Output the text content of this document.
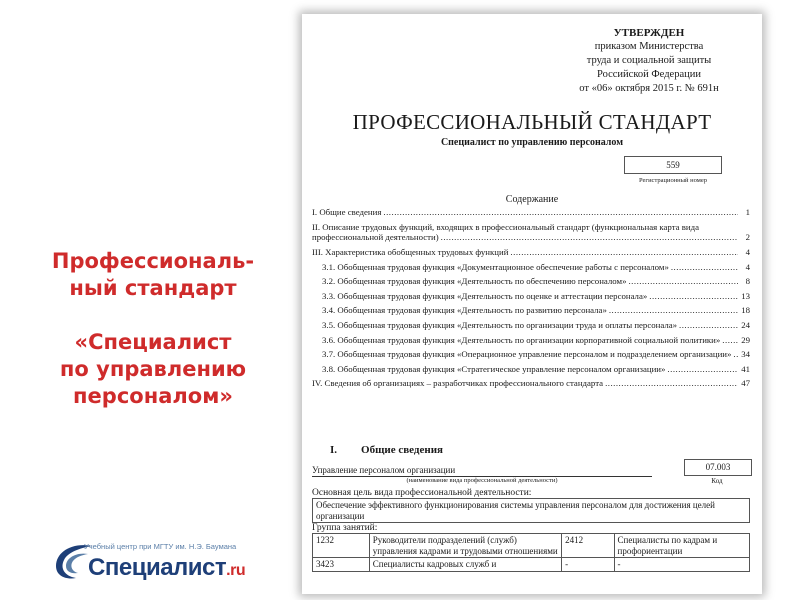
Профессиональ-
ный стандарт
«Специалист
по управлению
персоналом»
Учебный центр при МГТУ им. Н.Э. Баумана
Специалист.ru
УТВЕРЖДЕН
приказом Министерства
труда и социальной защиты
Российской Федерации
от «06» октября 2015 г. № 691н
ПРОФЕССИОНАЛЬНЫЙ СТАНДАРТ
Специалист по управлению персоналом
559
Регистрационный номер
Содержание
I. Общие сведения .....	1
II. Описание трудовых функций, входящих в профессиональный стандарт (функциональная карта вида профессиональной деятельности) .....	2
III. Характеристика обобщенных трудовых функций .....	4
3.1. Обобщенная трудовая функция «Документационное обеспечение работы с персоналом» .....	4
3.2. Обобщенная трудовая функция «Деятельность по обеспечению персоналом» .....	8
3.3. Обобщенная трудовая функция «Деятельность по оценке и аттестации персонала» .....	13
3.4. Обобщенная трудовая функция «Деятельность по развитию персонала» .....	18
3.5. Обобщенная трудовая функция «Деятельность по организации труда и оплаты персонала» .....	24
3.6. Обобщенная трудовая функция «Деятельность по организации корпоративной социальной политики» .....	29
3.7. Обобщенная трудовая функция «Операционное управление персоналом и подразделением организации» .....	34
3.8. Обобщенная трудовая функция «Стратегическое управление персоналом организации» .....	41
IV. Сведения об организациях – разработчиках профессионального стандарта .....	47
I. Общие сведения
Управление персоналом организации
(наименование вида профессиональной деятельности)
07.003
Код
Основная цель вида профессиональной деятельности:
Обеспечение эффективного функционирования системы управления персоналом для достижения целей организации
Группа занятий:
1232	Руководители подразделений (служб) управления кадрами и трудовыми отношениями	2412	Специалисты по кадрам и профориентации
3423	Специалисты кадровых служб и	-	-
